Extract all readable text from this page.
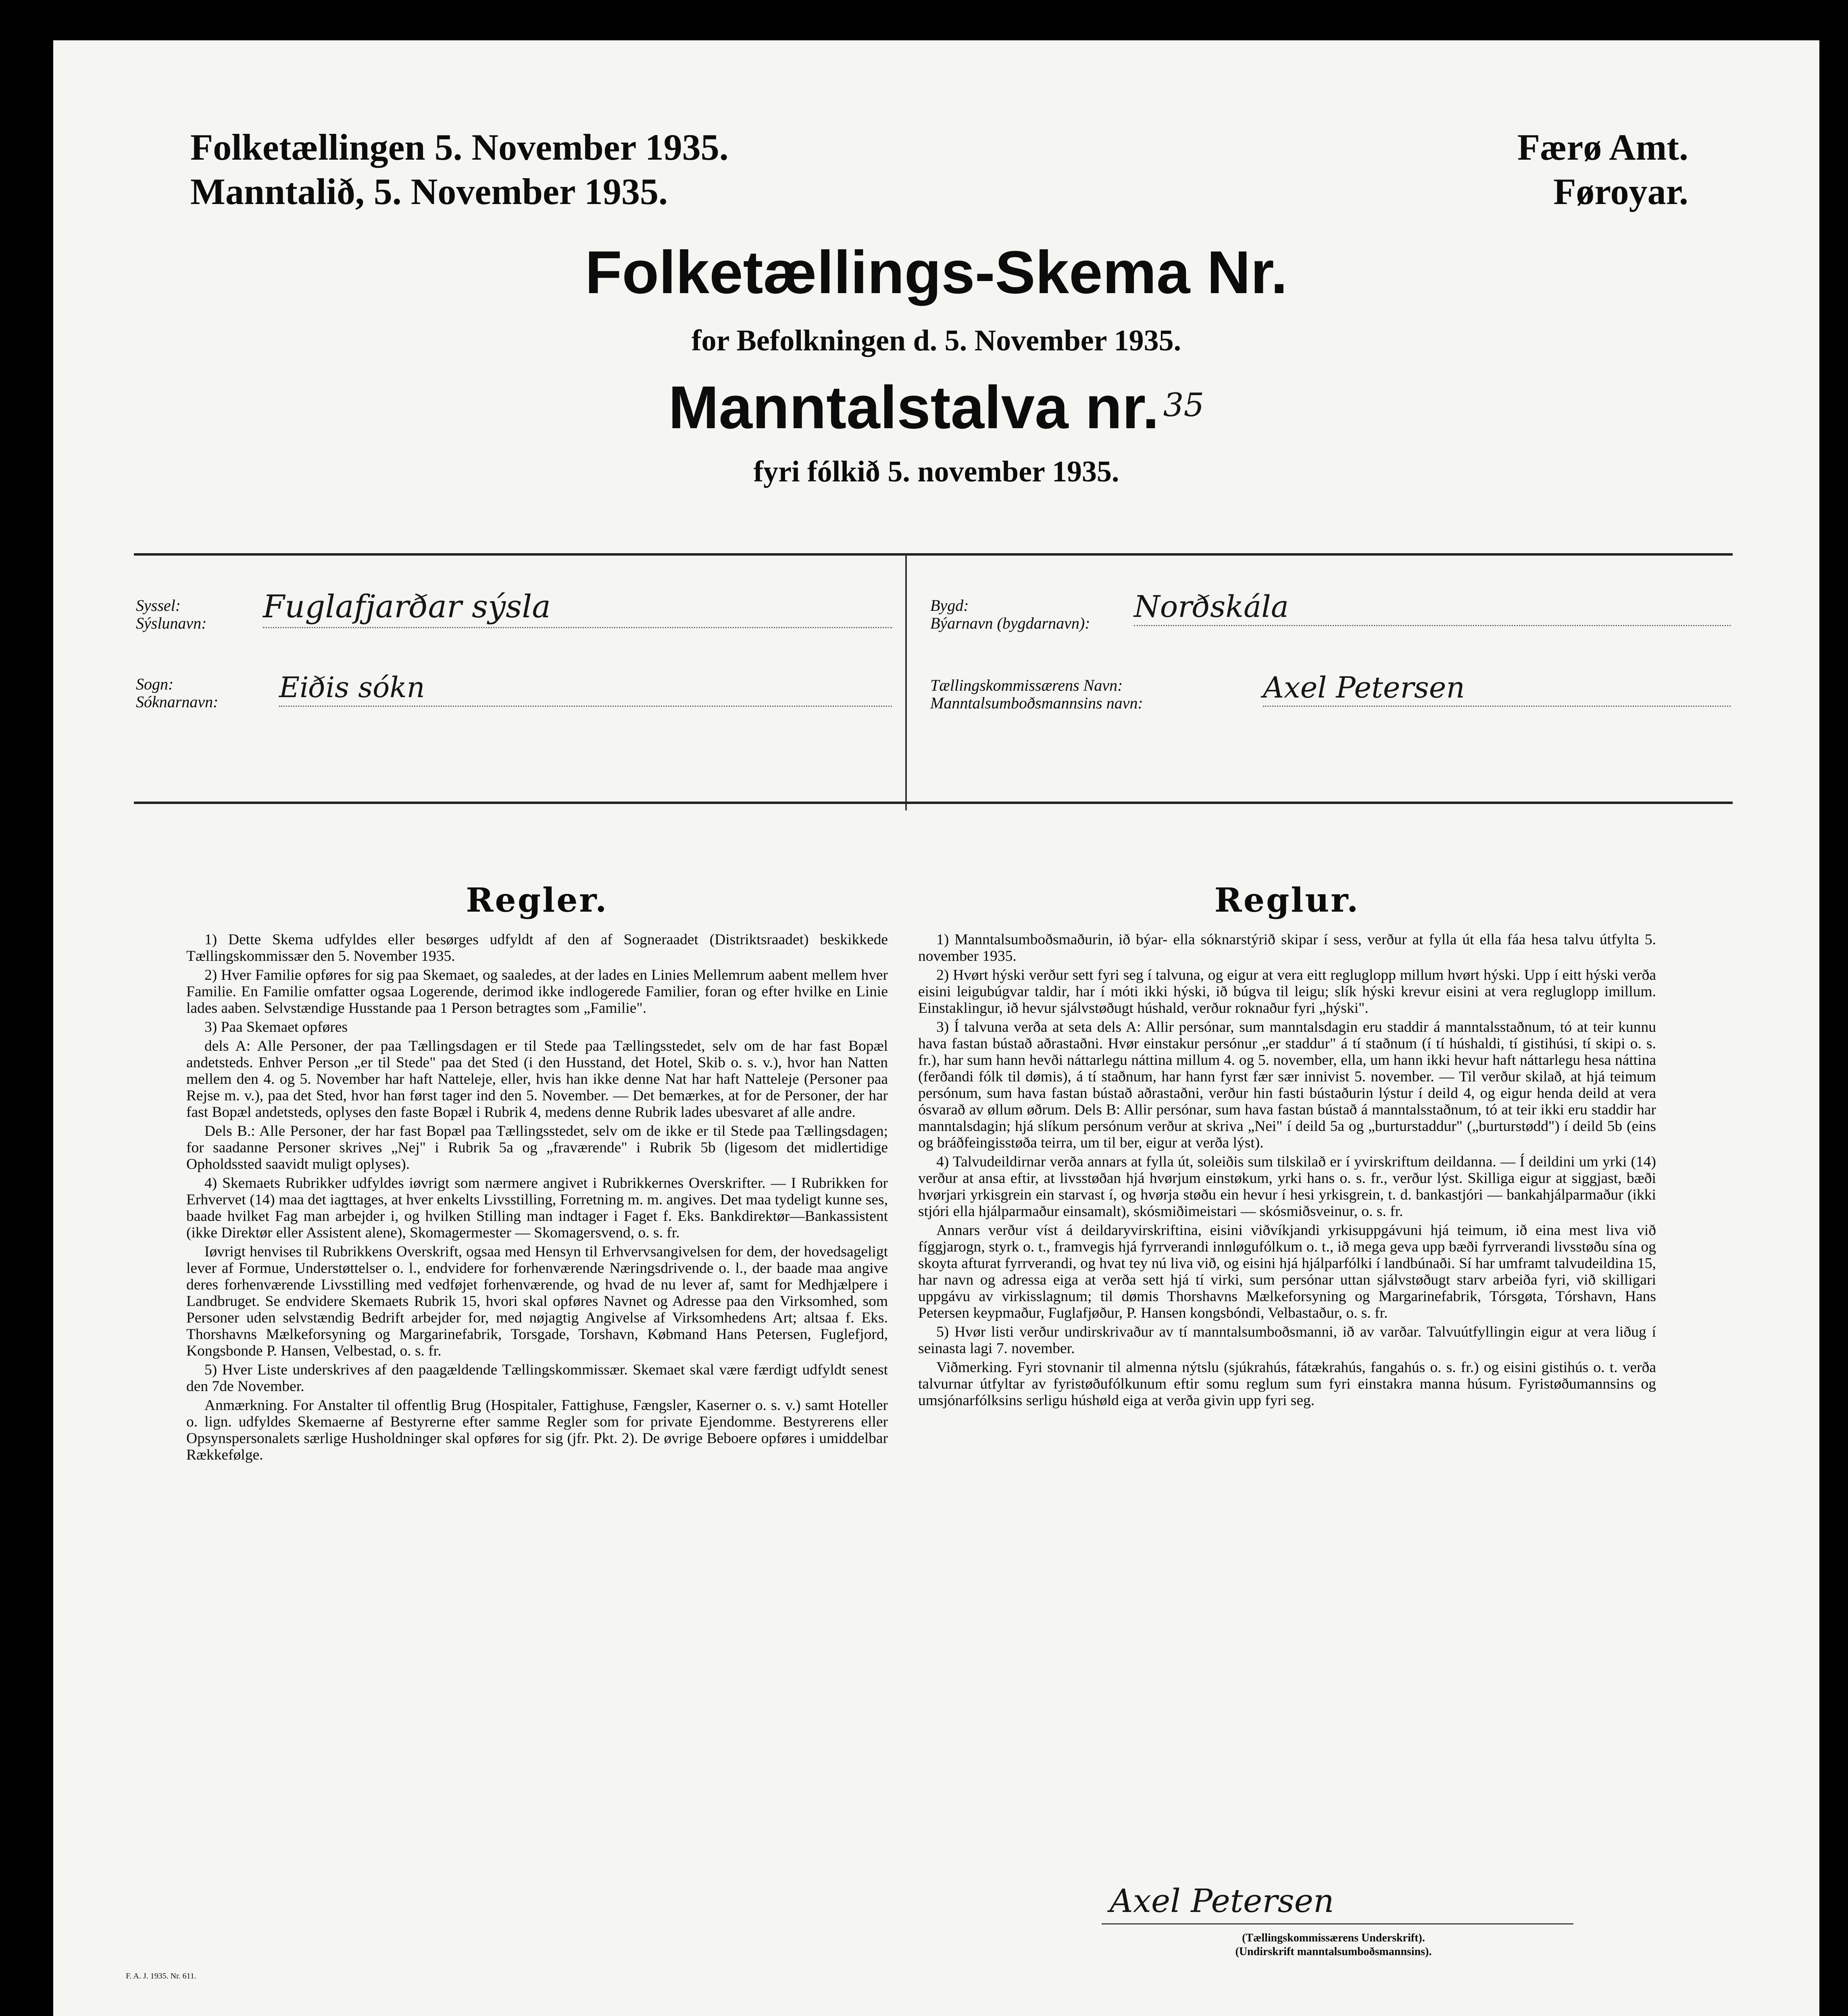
Folketællingen 5. November 1935.
Manntalið, 5. November 1935.
Færø Amt.
Føroyar.
Folketællings-Skema Nr.
for Befolkningen d. 5. November 1935.
Manntalstalva nr. $^{35}$
fyri fólkið 5. november 1935.
Syssel:
Sýslunavn: Fuglafjarðar sýsla
Sogn:
Sóknarnavn: Eiðis sókn
Bygd:
Býarnavn (bygdarnavn): Norðskála
Tællingskommissærens Navn:
Manntalsumboðsmannsins navn:	Axel Petersen
Regler.

1) Dette Skema udfyldes eller besørges udfyldt af den af Sogneraadet (Distriktsraadet) beskikkede Tællingskommissær den 5. November 1935.

2) Hver Familie opføres for sig paa Skemaet, og saaledes, at der lades en Linies Mellemrum aabent mellem hver Familie. En Familie omfatter ogsaa Logerende, derimod ikke indlogerede Familier, foran og efter hvilke en Linie lades aaben. Selvstændige Husstande paa 1 Person betragtes som „Familie".

3) Paa Skemaet opføres

dels A: Alle Personer, der paa Tællingsdagen er til Stede paa Tællingsstedet, selv om de har fast Bopæl andetsteds. Enhver Person „er til Stede" paa det Sted (i den Husstand, det Hotel, Skib o. s. v.), hvor han Natten mellem den 4. og 5. November har haft Natteleje, eller, hvis han ikke denne Nat har haft Natteleje (Personer paa Rejse m. v.), paa det Sted, hvor han først tager ind den 5. November. — Det bemærkes, at for de Personer, der har fast Bopæl andetsteds, oplyses den faste Bopæl i Rubrik 4, medens denne Rubrik lades ubesvaret af alle andre.

Dels B.: Alle Personer, der har fast Bopæl paa Tællingsstedet, selv om de ikke er til Stede paa Tællingsdagen; for saadanne Personer skrives „Nej" i Rubrik 5a og „fraværende" i Rubrik 5b (ligesom det midlertidige Opholdssted saavidt muligt oplyses).

4) Skemaets Rubrikker udfyldes iøvrigt som nærmere angivet i Rubrikkernes Overskrifter. — I Rubrikken for Erhvervet (14) maa det iagttages, at hver enkelts Livsstilling, Forretning m. m. angives. Det maa tydeligt kunne ses, baade hvilket Fag man arbejder i, og hvilken Stilling man indtager i Faget f. Eks. Bankdirektør—Bankassistent (ikke Direktør eller Assistent alene), Skomagermester — Skomagersvend, o. s. fr.

Iøvrigt henvises til Rubrikkens Overskrift, ogsaa med Hensyn til Erhvervsangivelsen for dem, der hovedsageligt lever af Formue, Understøttelser o. l., endvidere for forhenværende Næringsdrivende o. l., der baade maa angive deres forhenværende Livsstilling med vedføjet forhenværende, og hvad de nu lever af, samt for Medhjælpere i Landbruget. Se endvidere Skemaets Rubrik 15, hvori skal opføres Navnet og Adresse paa den Virksomhed, som Personer uden selvstændig Bedrift arbejder for, med nøjagtig Angivelse af Virksomhedens Art; altsaa f. Eks. Thorshavns Mælkeforsyning og Margarinefabrik, Torsgade, Torshavn, Købmand Hans Petersen, Fuglefjord, Kongsbonde P. Hansen, Velbestad, o. s. fr.

5) Hver Liste underskrives af den paagældende Tællingskommissær. Skemaet skal være færdigt udfyldt senest den 7de November.

Anmærkning. For Anstalter til offentlig Brug (Hospitaler, Fattighuse, Fængsler, Kaserner o. s. v.) samt Hoteller o. lign. udfyldes Skemaerne af Bestyrerne efter samme Regler som for private Ejendomme. Bestyrerens eller Opsynspersonalets særlige Husholdninger skal opføres for sig (jfr. Pkt. 2). De øvrige Beboere opføres i umiddelbar Rækkefølge.

Reglur.

1) Manntalsumboðsmaðurin, ið býar- ella sóknarstýrið skipar í sess, verður at fylla út ella fáa hesa talvu útfylta 5. november 1935.

2) Hvørt hýski verður sett fyri seg í talvuna, og eigur at vera eitt regluglopp millum hvørt hýski. Upp í eitt hýski verða eisini leigubúgvar taldir, har í móti ikki hýski, ið búgva til leigu; slík hýski krevur eisini at vera regluglopp imillum. Einstaklingur, ið hevur sjálvstøðugt húshald, verður roknaður fyri „hýski".

3) Í talvuna verða at seta dels A: Allir persónar, sum manntalsdagin eru staddir á manntalsstaðnum, tó at teir kunnu hava fastan bústað aðrastaðni. Hvør einstakur persónur „er staddur" á tí staðnum (í tí húshaldi, tí gistihúsi, tí skipi o. s. fr.), har sum hann hevði náttarlegu náttina millum 4. og 5. november, ella, um hann ikki hevur haft náttarlegu hesa náttina (ferðandi fólk til dømis), á tí staðnum, har hann fyrst fær sær innivist 5. november. — Til verður skilað, at hjá teimum persónum, sum hava fastan bústað aðrastaðni, verður hin fasti bústaðurin lýstur í deild 4, og eigur henda deild at vera ósvarað av øllum øðrum. Dels B: Allir persónar, sum hava fastan bústað á manntalsstaðnum, tó at teir ikki eru staddir har manntalsdagin; hjá slíkum persónum verður at skriva „Nei" í deild 5a og „burturstaddur" („burturstødd") í deild 5b (eins og bráðfeingisstøða teirra, um til ber, eigur at verða lýst).

4) Talvudeildirnar verða annars at fylla út, soleiðis sum tilskilað er í yvirskriftum deildanna. — Í deildini um yrki (14) verður at ansa eftir, at livsstøðan hjá hvørjum einstøkum, yrki hans o. s. fr., verður lýst. Skilliga eigur at siggjast, bæði hvørjari yrkisgrein ein starvast í, og hvørja støðu ein hevur í hesi yrkisgrein, t. d. bankastjóri — bankahjálparmaður (ikki stjóri ella hjálparmaður einsamalt), skósmiðimeistari — skósmiðsveinur, o. s. fr.

Annars verður víst á deildaryvirskriftina, eisini viðvíkjandi yrkisuppgávuni hjá teimum, ið eina mest liva við fíggjarogn, styrk o. t., framvegis hjá fyrrverandi innløgufólkum o. t., ið mega geva upp bæði fyrrverandi livsstøðu sína og skoyta afturat fyrrverandi, og hvat tey nú liva við, og eisini hjá hjálparfólki í landbúnaði. Sí har umframt talvudeildina 15, har navn og adressa eiga at verða sett hjá tí virki, sum persónar uttan sjálvstøðugt starv arbeiða fyri, við skilligari uppgávu av virkisslagnum; til dømis Thorshavns Mælkeforsyning og Margarinefabrik, Tórsgøta, Tórshavn, Hans Petersen keypmaður, Fuglafjøður, P. Hansen kongsbóndi, Velbastaður, o. s. fr.

5) Hvør listi verður undirskrivaður av tí manntalsumboðsmanni, ið av varðar. Talvuútfyllingin eigur at vera liðug í seinasta lagi 7. november.

Viðmerking. Fyri stovnanir til almenna nýtslu (sjúkrahús, fátækrahús, fangahús o. s. fr.) og eisini gistihús o. t. verða talvurnar útfyltar av fyristøðufólkunum eftir somu reglum sum fyri einstakra manna húsum. Fyristøðumannsins og umsjónarfólksins serligu húshøld eiga at verða givin upp fyri seg.

Axel Petersen
(Tællingskommissærens Underskrift).
(Undirskrift manntalsumboðsmannsins).
F. A. J. 1935. Nr. 611.
